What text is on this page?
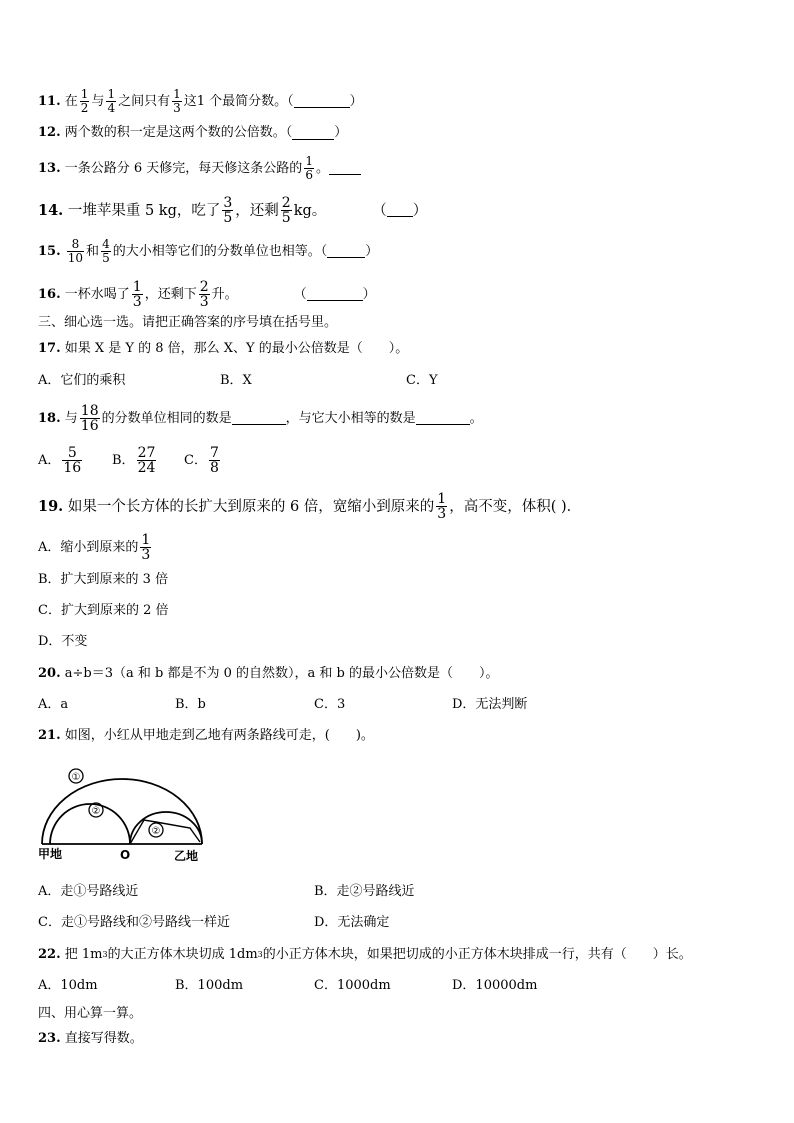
11.
在 $\frac{1}{2}$ 与 $\frac{1}{4}$ 之间只有 $\frac{1}{3}$ 这1 个最简分数。（	）
12.
两个数的积一定是这两个数的公倍数。（	）
13.
一条公路分 6 天修完，每天修这条公路的 $\frac{1}{6}$ 。
14.
一堆苹果重 5 kg，吃了 $\frac{3}{5}$ ，还剩 $\frac{2}{5}$ kg。	（ ）
15.
$\frac{8}{10}$ 和 $\frac{4}{5}$ 的大小相等它们的分数单位也相等。（	）
16.
一杯水喝了 $\frac{1}{3}$ ，还剩下 $\frac{2}{3}$ 升。	（	）
三、细心选一选。请把正确答案的序号填在括号里。
17.
如果 X 是 Y 的 8 倍，那么 X、Y 的最小公倍数是（　　）。
A．它们的乘积	B．X	C．Y
18.
与 $\frac{18}{16}$ 的分数单位相同的数是	，与它大小相等的数是	。
A． $\frac{5}{16}$ B． $\frac{27}{24}$ C． $\frac{7}{8}$
19.
如果一个长方体的长扩大到原来的 6 倍，宽缩小到原来的 $\frac{1}{3}$ ，高不变，体积( )．
A．缩小到原来的 $\frac{1}{3}$
B．扩大到原来的 3 倍
C．扩大到原来的 2 倍
D．不变
20.
a÷b＝3（a 和 b 都是不为 0 的自然数），a 和 b 的最小公倍数是（　　）。
A．a	B．b	C．3	D．无法判断
21.
如图，小红从甲地走到乙地有两条路线可走，(　　)。
①
②
②
甲地	O	乙地
A．走①号路线近	B．走②号路线近
C．走①号路线和②号路线一样近	D．无法确定
22.
把 1m 3 的大正方体木块切成 1dm 3 的小正方体木块，如果把切成的小正方体木块排成一行，共有（　　）长。
A．10dm	B．100dm	C．1000dm	D．10000dm
四、用心算一算。
23.
直接写得数。
